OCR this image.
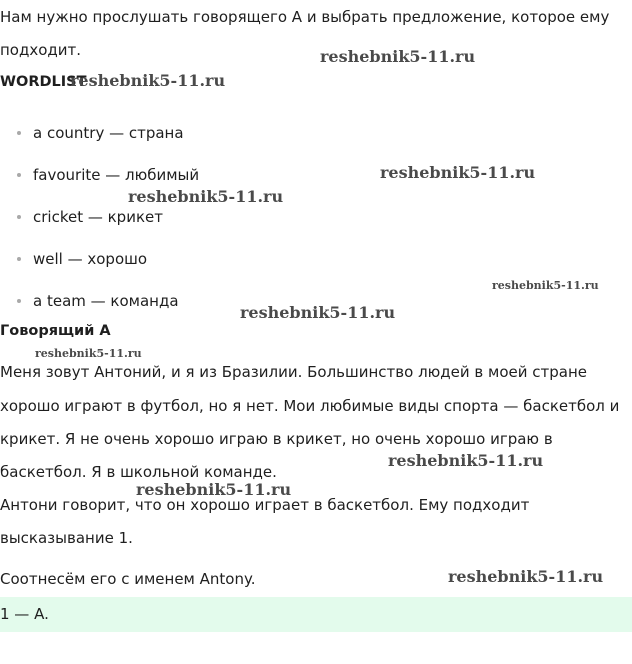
Нам нужно прослушать говорящего А и выбрать предложение, которое ему

подходит.

WORDLIST
a country — страна
favourite — любимый
cricket — крикет
well — хорошо
a team — команда
Говорящий А

Меня зовут Антоний, и я из Бразилии. Большинство людей в моей стране

хорошо играют в футбол, но я нет. Мои любимые виды спорта — баскетбол и

крикет. Я не очень хорошо играю в крикет, но очень хорошо играю в

баскетбол. Я в школьной команде.

Антони говорит, что он хорошо играет в баскетбол. Ему подходит

высказывание 1.

Соотнесём его с именем Antony.

1 — A.
reshebnik5-11.ru
reshebnik5-11.ru
reshebnik5-11.ru
reshebnik5-11.ru
reshebnik5-11.ru
reshebnik5-11.ru
reshebnik5-11.ru
reshebnik5-11.ru
reshebnik5-11.ru
reshebnik5-11.ru
